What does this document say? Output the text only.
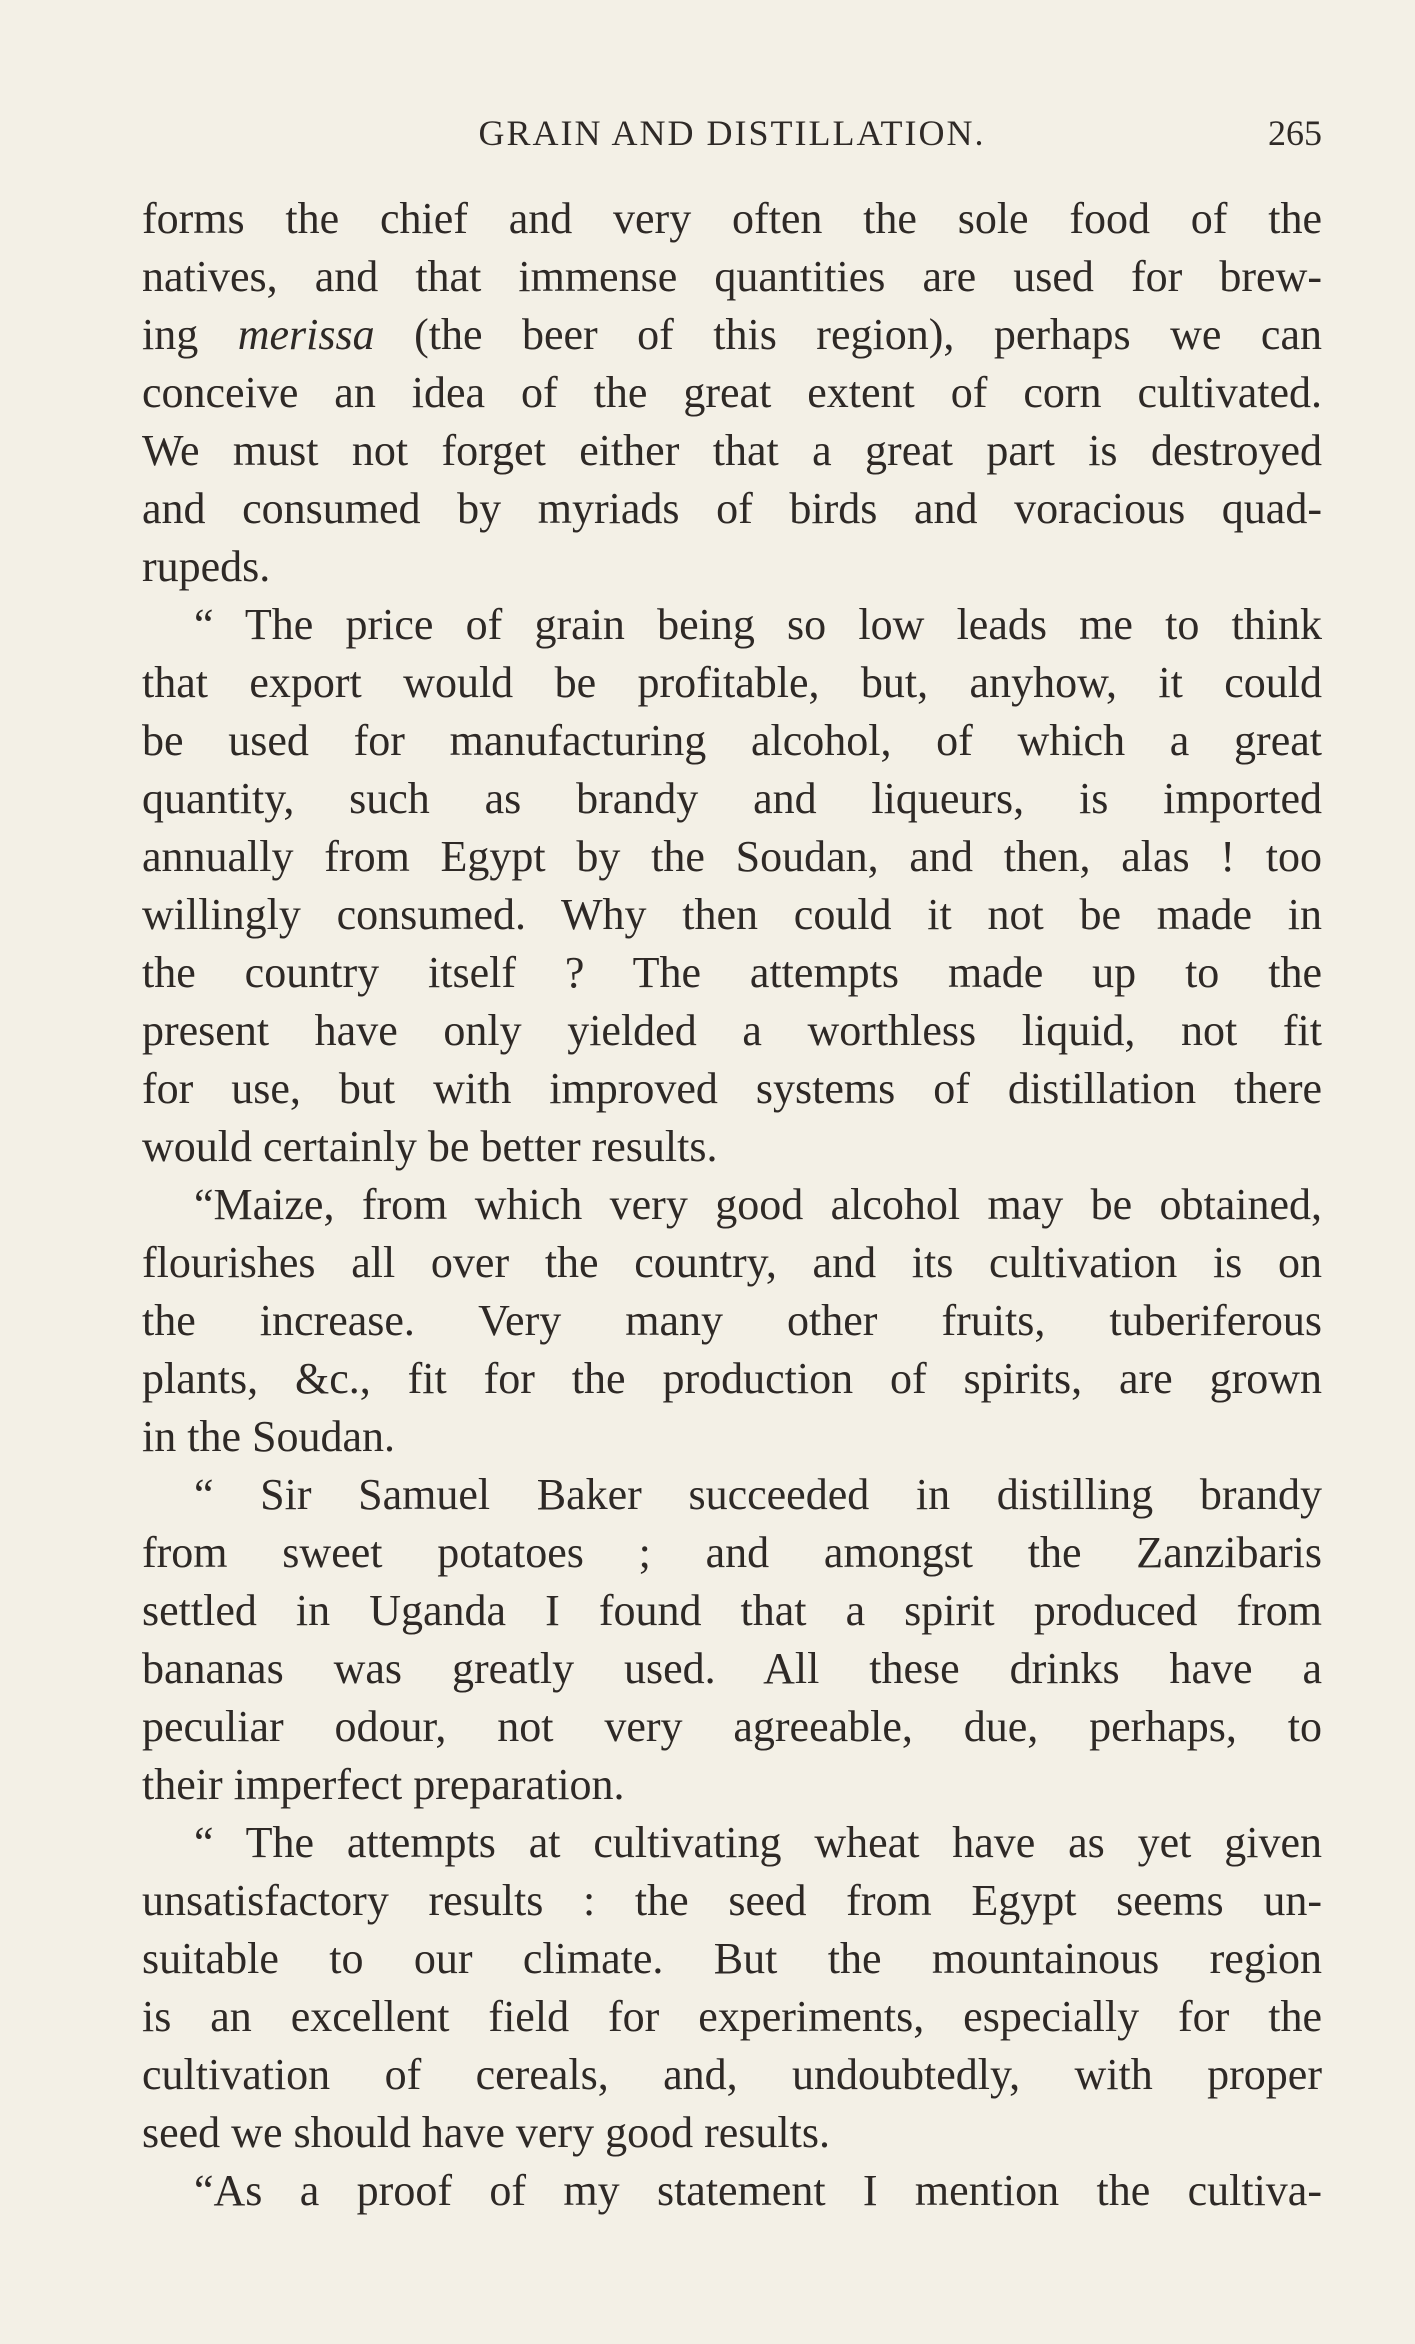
GRAIN AND DISTILLATION.	265
forms the chief and very often the sole food of the
natives, and that immense quantities are used for brew-
ing merissa (the beer of this region), perhaps we can
conceive an idea of the great extent of corn cultivated.
We must not forget either that a great part is destroyed
and consumed by myriads of birds and voracious quad-
rupeds.
“ The price of grain being so low leads me to think
that export would be profitable, but, anyhow, it could
be used for manufacturing alcohol, of which a great
quantity, such as brandy and liqueurs, is imported
annually from Egypt by the Soudan, and then, alas ! too
willingly consumed. Why then could it not be made in
the country itself ? The attempts made up to the
present have only yielded a worthless liquid, not fit
for use, but with improved systems of distillation there
would certainly be better results.
“Maize, from which very good alcohol may be obtained,
flourishes all over the country, and its cultivation is on
the increase. Very many other fruits, tuberiferous
plants, &c., fit for the production of spirits, are grown
in the Soudan.
“ Sir Samuel Baker succeeded in distilling brandy
from sweet potatoes ; and amongst the Zanzibaris
settled in Uganda I found that a spirit produced from
bananas was greatly used. All these drinks have a
peculiar odour, not very agreeable, due, perhaps, to
their imperfect preparation.
“ The attempts at cultivating wheat have as yet given
unsatisfactory results : the seed from Egypt seems un-
suitable to our climate. But the mountainous region
is an excellent field for experiments, especially for the
cultivation of cereals, and, undoubtedly, with proper
seed we should have very good results.
“As a proof of my statement I mention the cultiva-
